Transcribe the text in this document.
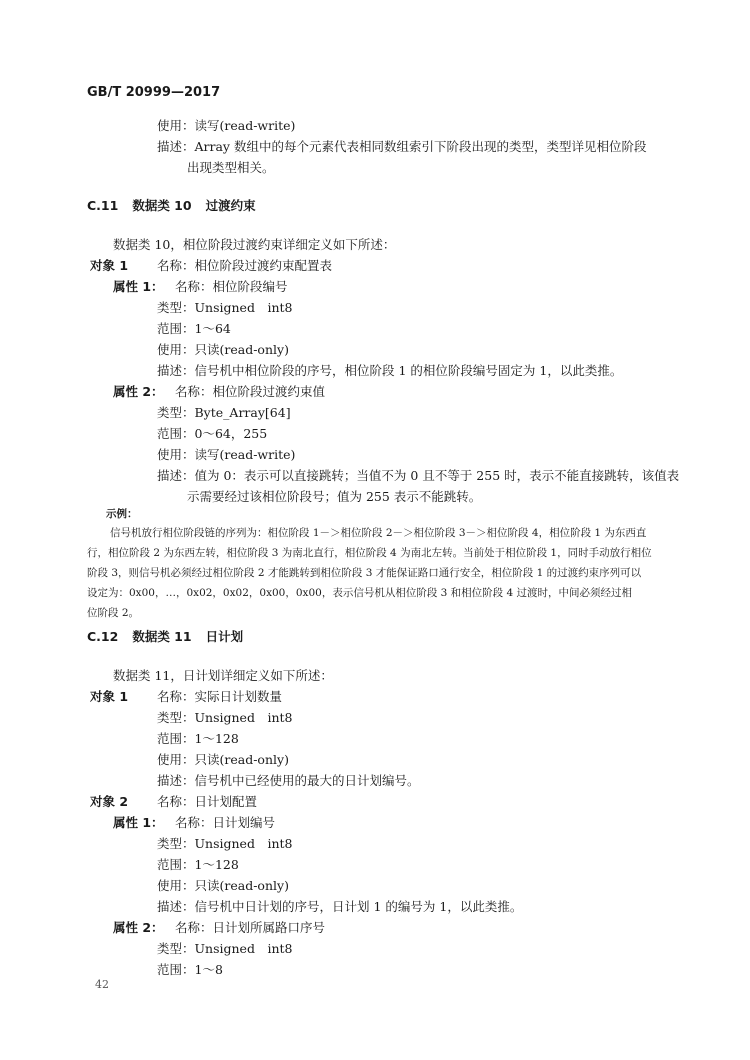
GB/T 20999—2017
使用：读写(read-write)
描述：Array 数组中的每个元素代表相同数组索引下阶段出现的类型，类型详见相位阶段
出现类型相关。
C.11 数据类 10 过渡约束
数据类 10，相位阶段过渡约束详细定义如下所述：
对象 1 名称：相位阶段过渡约束配置表
属性 1： 名称：相位阶段编号
类型：Unsigned　int8
范围：1～64
使用：只读(read-only)
描述：信号机中相位阶段的序号，相位阶段 1 的相位阶段编号固定为 1，以此类推。
属性 2： 名称：相位阶段过渡约束值
类型：Byte_Array[64]
范围：0～64，255
使用：读写(read-write)
描述：值为 0：表示可以直接跳转；当值不为 0 且不等于 255 时，表示不能直接跳转，该值表
示需要经过该相位阶段号；值为 255 表示不能跳转。
示例：
信号机放行相位阶段链的序列为：相位阶段 1－＞相位阶段 2－＞相位阶段 3－＞相位阶段 4，相位阶段 1 为东西直
行，相位阶段 2 为东西左转，相位阶段 3 为南北直行，相位阶段 4 为南北左转。当前处于相位阶段 1，同时手动放行相位
阶段 3，则信号机必须经过相位阶段 2 才能跳转到相位阶段 3 才能保证路口通行安全，相位阶段 1 的过渡约束序列可以
设定为：0x00，…，0x02，0x02，0x00，0x00，表示信号机从相位阶段 3 和相位阶段 4 过渡时，中间必须经过相
位阶段 2。
C.12 数据类 11 日计划
数据类 11，日计划详细定义如下所述：
对象 1 名称：实际日计划数量
类型：Unsigned　int8
范围：1～128
使用：只读(read-only)
描述：信号机中已经使用的最大的日计划编号。
对象 2 名称：日计划配置
属性 1： 名称：日计划编号
类型：Unsigned　int8
范围：1～128
使用：只读(read-only)
描述：信号机中日计划的序号，日计划 1 的编号为 1，以此类推。
属性 2： 名称：日计划所属路口序号
类型：Unsigned　int8
范围：1～8
42
